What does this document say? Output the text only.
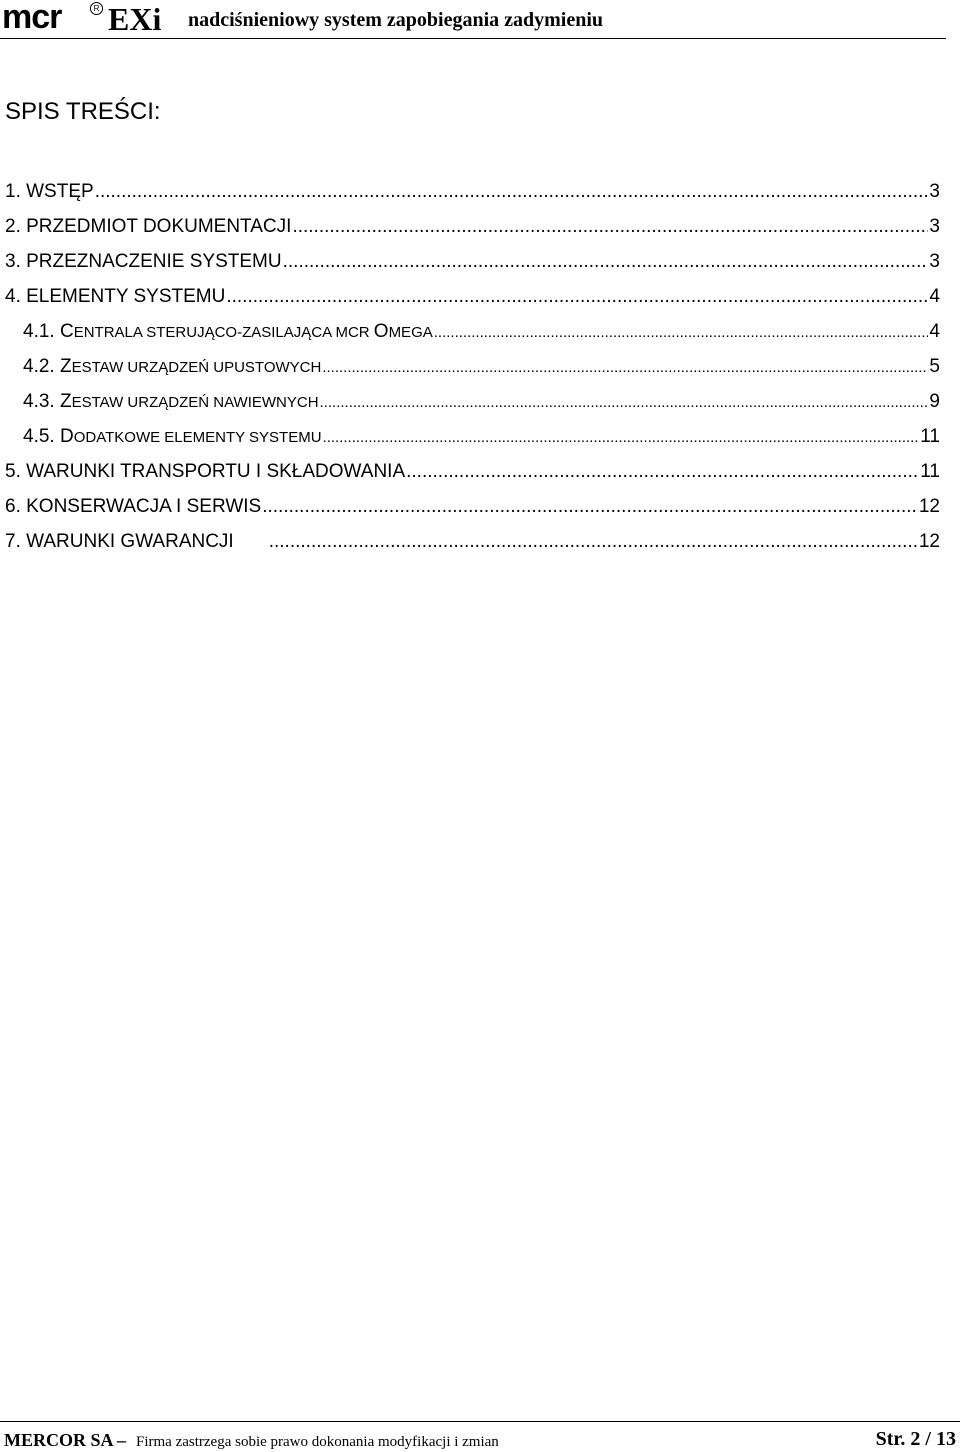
mcr	R EXi nadciśnieniowy system zapobiegania zadymieniu
SPIS TREŚCI:
1. WSTĘP .....	3
2. PRZEDMIOT DOKUMENTACJI .....	3
3. PRZEZNACZENIE SYSTEMU .....	3
4. ELEMENTY SYSTEMU .....	4
4.1. CENTRALA STERUJĄCO-ZASILAJĄCA MCR OMEGA .....	4
4.2. ZESTAW URZĄDZEŃ UPUSTOWYCH .....	5
4.3. ZESTAW URZĄDZEŃ NAWIEWNYCH .....	9
4.5. DODATKOWE ELEMENTY SYSTEMU .....	11
5. WARUNKI TRANSPORTU I SKŁADOWANIA .....	11
6. KONSERWACJA I SERWIS .....	12
7. WARUNKI GWARANCJI .....	12
MERCOR SA – Firma zastrzega sobie prawo dokonania modyfikacji i zmian	Str. 2 / 13
